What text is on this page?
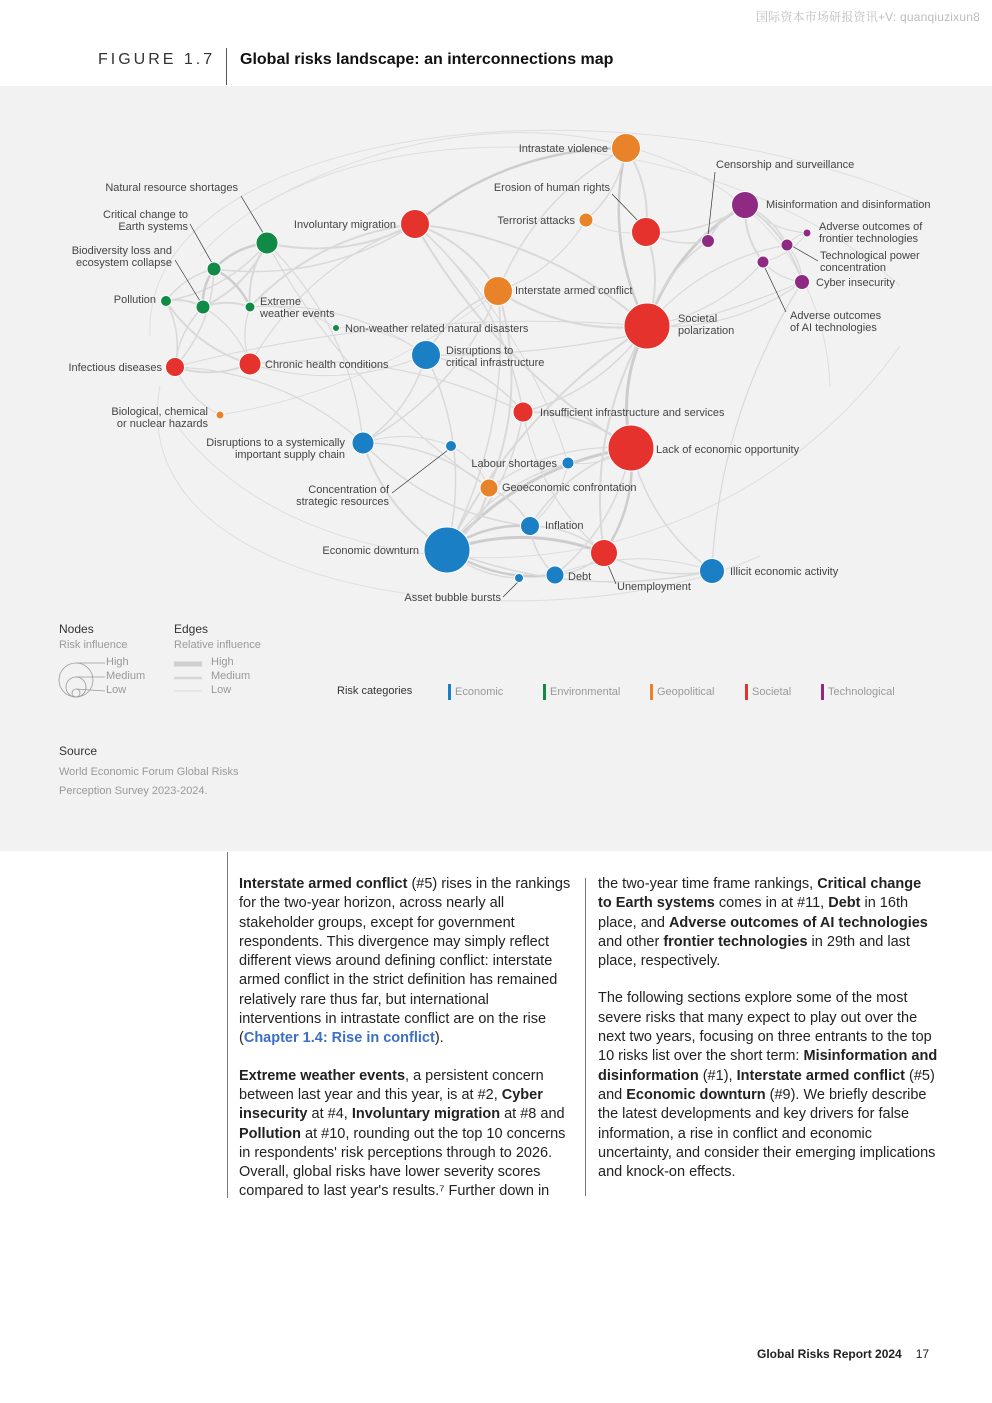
国际资本市场研报资讯+V: quanqiuzixun8
FIGURE 1.7 Global risks landscape: an interconnections map
Intrastate violence
Censorship and surveillance
Erosion of human rights
Misinformation and disinformation
Natural resource shortages
Terrorist attacks	Adverse outcomes of frontier technologies
Critical change to Earth systems	Involuntary migration
Technological power concentration
Biodiversity loss and ecosystem collapse
Cyber insecurity
Interstate armed conflict
Pollution	Extreme weather events
Non-weather related natural disasters
Societal polarization
Adverse outcomes of AI technologies
Disruptions to critical infrastructure
Infectious diseases	Chronic health conditions
Insufficient infrastructure and services
Biological, chemical or nuclear hazards
Disruptions to a systemically important supply chain	Lack of economic opportunity
Labour shortages
Concentration of strategic resources
Geoeconomic confrontation
Inflation
Economic downturn
Unemployment
Illicit economic activity
Debt
Asset bubble bursts
Nodes
Risk influence
High
Medium
Low
Edges
Relative influence
High
Medium
Low	Risk categories	Economic	Environmental	Geopolitical	Societal	Technological
Source
World Economic Forum Global Risks Perception Survey 2023-2024.

Interstate armed conflict (#5) rises in the rankings for the two-year horizon, across nearly all stakeholder groups, except for government respondents. This divergence may simply reflect different views around defining conflict: interstate armed conflict in the strict definition has remained relatively rare thus far, but international interventions in intrastate conflict are on the rise (Chapter 1.4: Rise in conflict).

Extreme weather events, a persistent concern between last year and this year, is at #2, Cyber insecurity at #4, Involuntary migration at #8 and Pollution at #10, rounding out the top 10 concerns in respondents' risk perceptions through to 2026. Overall, global risks have lower severity scores compared to last year's results.⁷ Further down in

the two-year time frame rankings, Critical change to Earth systems comes in at #11, Debt in 16th place, and Adverse outcomes of AI technologies and other frontier technologies in 29th and last place, respectively.

The following sections explore some of the most severe risks that many expect to play out over the next two years, focusing on three entrants to the top 10 risks list over the short term: Misinformation and disinformation (#1), Interstate armed conflict (#5) and Economic downturn (#9). We briefly describe the latest developments and key drivers for false information, a rise in conflict and economic uncertainty, and consider their emerging implications and knock-on effects.

Global Risks Report 2024 17
